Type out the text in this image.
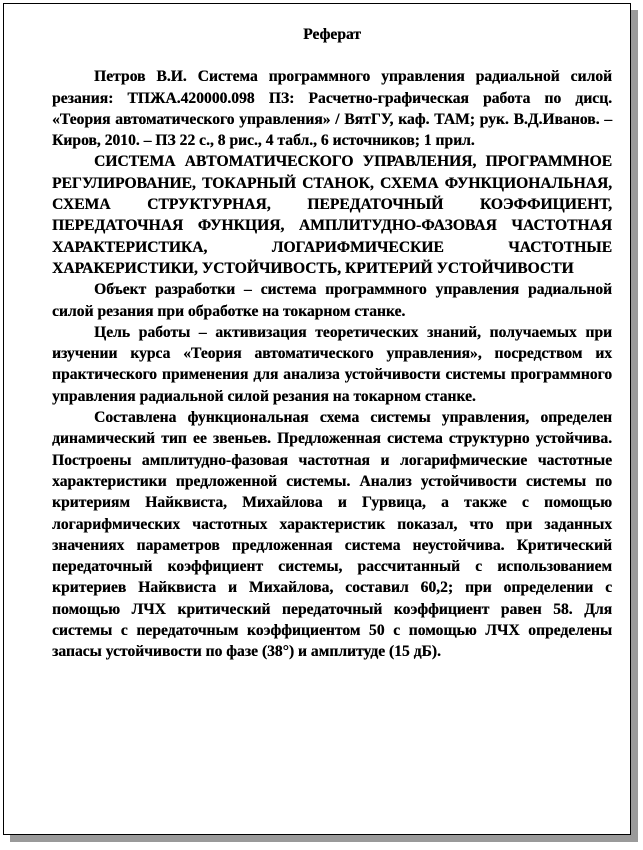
Реферат

Петров В.И. Система программного управления радиальной силой резания: ТПЖА.420000.098 ПЗ: Расчетно-графическая работа по дисц. «Теория автоматического управления» / ВятГУ, каф. ТАМ; рук. В.Д.Иванов. – Киров, 2010. – ПЗ 22 с., 8 рис., 4 табл., 6 источников; 1 прил.

СИСТЕМА АВТОМАТИЧЕСКОГО УПРАВЛЕНИЯ, ПРОГРАММНОЕ РЕГУЛИРОВАНИЕ, ТОКАРНЫЙ СТАНОК, СХЕМА ФУНКЦИОНАЛЬНАЯ, СХЕМА СТРУКТУРНАЯ, ПЕРЕДАТОЧНЫЙ КОЭФФИЦИЕНТ, ПЕРЕДАТОЧНАЯ ФУНКЦИЯ, АМПЛИТУДНО-ФАЗОВАЯ ЧАСТОТНАЯ ХАРАКТЕРИСТИКА, ЛОГАРИФМИЧЕСКИЕ ЧАСТОТНЫЕ ХАРАКЕРИСТИКИ, УСТОЙЧИВОСТЬ, КРИТЕРИЙ УСТОЙЧИВОСТИ

Объект разработки – система программного управления радиальной силой резания при обработке на токарном станке.

Цель работы – активизация теоретических знаний, получаемых при изучении курса «Теория автоматического управления», посредством их практического применения для анализа устойчивости системы программного управления радиальной силой резания на токарном станке.

Составлена функциональная схема системы управления, определен динамический тип ее звеньев. Предложенная система структурно устойчива. Построены амплитудно-фазовая частотная и логарифмические частотные характеристики предложенной системы. Анализ устойчивости системы по критериям Найквиста, Михайлова и Гурвица, а также с помощью логарифмических частотных характеристик показал, что при заданных значениях параметров предложенная система неустойчива. Критический передаточный коэффициент системы, рассчитанный с использованием критериев Найквиста и Михайлова, составил 60,2; при определении с помощью ЛЧХ критический передаточный коэффициент равен 58. Для системы с передаточным коэффициентом 50 с помощью ЛЧХ определены запасы устойчивости по фазе (38°) и амплитуде (15 дБ).
